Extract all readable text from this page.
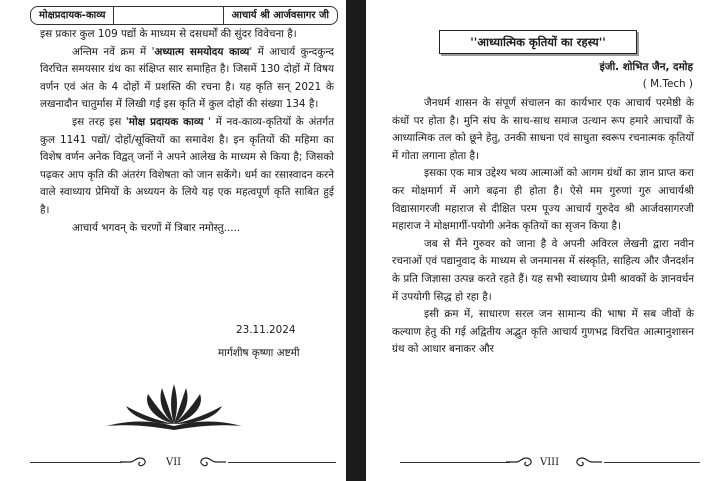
मोक्षप्रदायक-काव्य	आचार्य श्री आर्जवसागर जी

इस प्रकार कुल 109 पद्यों के माध्यम से दसधर्मों की सुंदर विवेचना है।

अन्तिम नवें क्रम में 'अध्यात्म समयोदय काव्य' में आचार्य कुन्दकुन्द विरचित समयसार ग्रंथ का संक्षिप्त सार समाहित है। जिसमें 130 दोहों में विषय वर्णन एवं अंत के 4 दोहों में प्रशस्ति की रचना है। यह कृति सन् 2021 के लखनादौन चातुर्मास में लिखी गई इस कृति में कुल दोहों की संख्या 134 है।

इस तरह इस 'मोक्ष प्रदायक काव्य ' में नव-काव्य-कृतियों के अंतर्गत कुल 1141 पद्यों/ दोहों/सूक्तियों का समावेश है। इन कृतियों की महिमा का विशेष वर्णन अनेक विद्वत् जनों ने अपने आलेख के माध्यम से किया है; जिसको पढ़कर आप कृति की अंतरंग विशेषता को जान सकेंगे। धर्म का रसास्वादन करने वाले स्वाध्याय प्रेमियों के अध्ययन के लिये यह एक महत्वपूर्ण कृति साबित हुई है।

आचार्य भगवन् के चरणों में त्रिबार नमोस्तु.....

23.11.2024
मार्गशीष कृष्णा अष्टमी
VII
''आध्यात्मिक कृतियों का रहस्य''
इंजी. शोभित जैन, दमोह
( M.Tech )

जैनधर्म शासन के संपूर्ण संचालन का कार्यभार एक आचार्य परमेष्ठी के कंधों पर होता है। मुनि संघ के साथ-साथ समाज उत्थान रूप हमारे आचार्यों के आध्यात्मिक तल को छूने हेतु, उनकी साधना एवं साधुता स्वरूप रचनात्मक कृतियों में गोता लगाना होता है।

इसका एक मात्र उद्देश्य भव्य आत्माओं को आगम ग्रंथों का ज्ञान प्राप्त करा कर मोक्षमार्ग में आगे बढ़ना ही होता है। ऐसे मम गुरुणां गुरु आचार्यश्री विद्यासागरजी महाराज से दीक्षित परम पूज्य आचार्य गुरुदेव श्री आर्जवसागरजी महाराज ने मोक्षमार्गी-पयोगी अनेक कृतियों का सृजन किया है।

जब से मैंने गुरुवर को जाना है वे अपनी अविरल लेखनी द्वारा नवीन रचनाओं एवं पद्यानुवाद के माध्यम से जनमानस में संस्कृति, साहित्य और जैनदर्शन के प्रति जिज्ञासा उत्पन्न करते रहते हैं। यह सभी स्वाध्याय प्रेमी श्रावकों के ज्ञानवर्धन में उपयोगी सिद्ध हो रहा है।

इसी क्रम में, साधारण सरल जन सामान्य की भाषा में सब जीवों के कल्याण हेतु की गई अद्वितीय अद्भुत कृति आचार्य गुणभद्र विरचित आत्मानुशासन ग्रंथ को आधार बनाकर और

VIII
